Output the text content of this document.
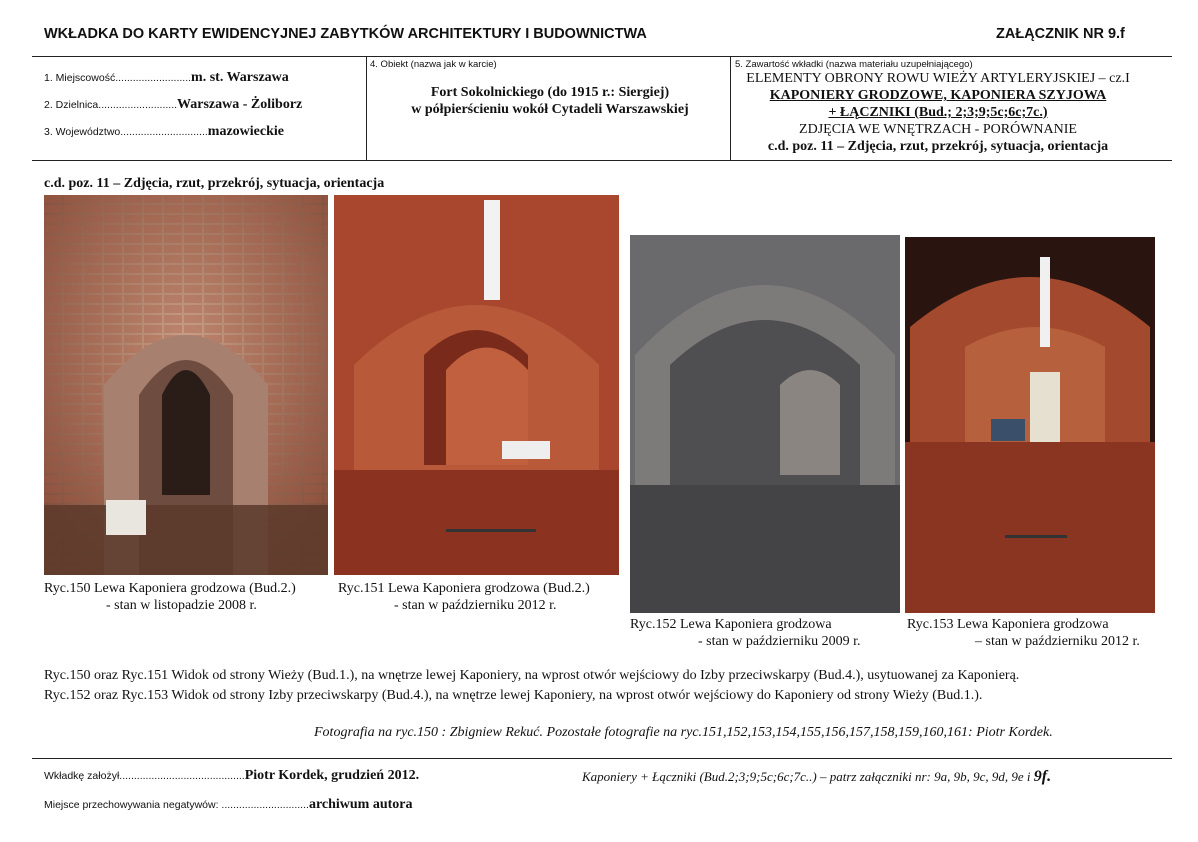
WKŁADKA DO KARTY EWIDENCYJNEJ ZABYTKÓW ARCHITEKTURY I BUDOWNICTWA	ZAŁĄCZNIK NR 9.f
1. Miejscowość..........................m. st. Warszawa
2. Dzielnica...........................Warszawa - Żoliborz
3. Województwo..............................mazowieckie
4. Obiekt (nazwa jak w karcie)
Fort Sokolnickiego (do 1915 r.: Siergiej)
w półpierścieniu wokół Cytadeli Warszawskiej
5. Zawartość wkładki (nazwa materiału uzupełniającego)
ELEMENTY OBRONY ROWU WIEŻY ARTYLERYJSKIEJ – cz.I
KAPONIERY GRODZOWE, KAPONIERA SZYJOWA
+ ŁĄCZNIKI (Bud.; 2;3;9;5c;6c;7c.)
ZDJĘCIA WE WNĘTRZACH - PORÓWNANIE
c.d. poz. 11 – Zdjęcia, rzut, przekrój, sytuacja, orientacja
c.d. poz. 11 – Zdjęcia, rzut, przekrój, sytuacja, orientacja
Ryc.150 Lewa Kaponiera grodzowa (Bud.2.)
- stan w listopadzie 2008 r.
Ryc.151 Lewa Kaponiera grodzowa (Bud.2.)
- stan w październiku 2012 r.
Ryc.152 Lewa Kaponiera grodzowa
- stan w październiku 2009 r.
Ryc.153 Lewa Kaponiera grodzowa
– stan w październiku 2012 r.
Ryc.150 oraz Ryc.151 Widok od strony Wieży (Bud.1.), na wnętrze lewej Kaponiery, na wprost otwór wejściowy do Izby przeciwskarpy (Bud.4.), usytuowanej za Kaponierą.
Ryc.152 oraz Ryc.153 Widok od strony Izby przeciwskarpy (Bud.4.), na wnętrze lewej Kaponiery, na wprost otwór wejściowy do Kaponiery od strony Wieży (Bud.1.).
Fotografia na ryc.150 : Zbigniew Rekuć. Pozostałe fotografie na ryc.151,152,153,154,155,156,157,158,159,160,161: Piotr Kordek.
Wkładkę założył...........................................Piotr Kordek, grudzień 2012.	Kaponiery + Łączniki (Bud.2;3;9;5c;6c;7c..) – patrz załączniki nr: 9a, 9b, 9c, 9d, 9e i 9f.
Miejsce przechowywania negatywów: ..............................archiwum autora
